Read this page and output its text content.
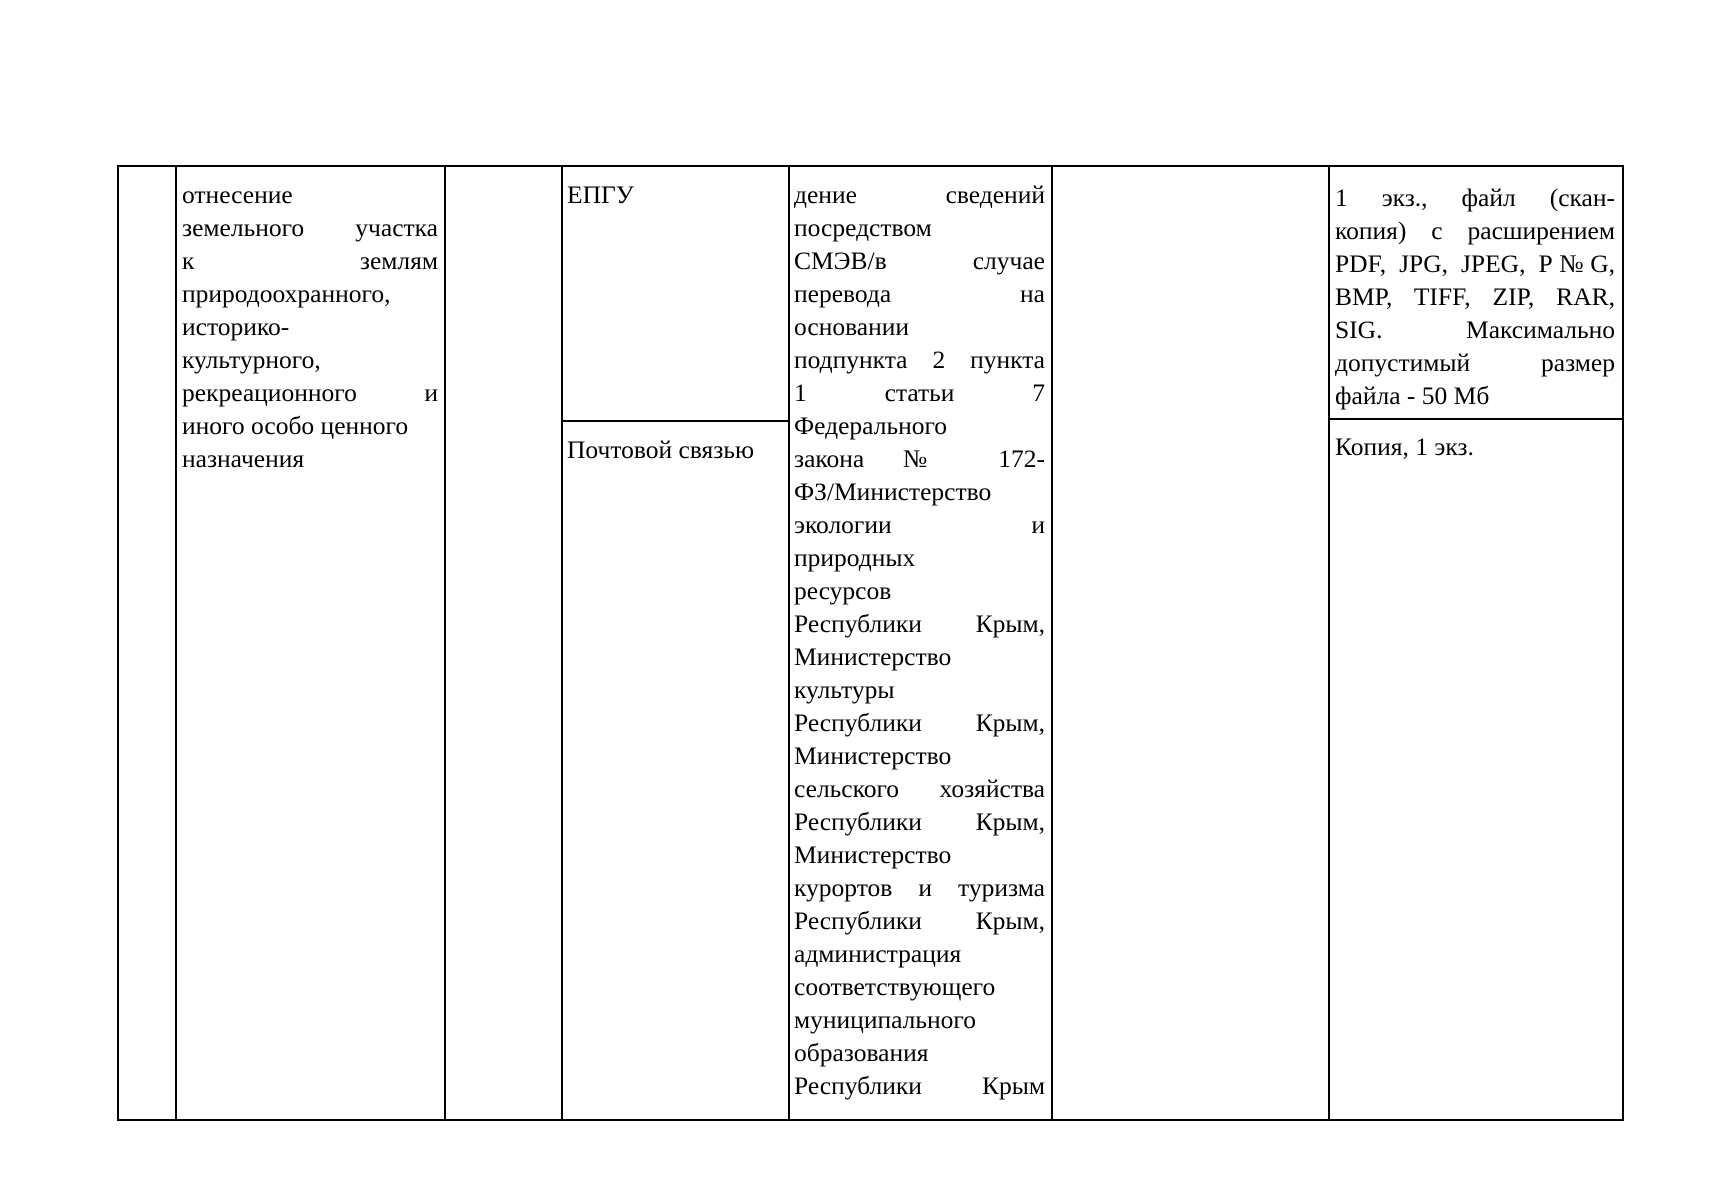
отнесение
земельного участка
к землям
природоохранного,
историко-
культурного,
рекреационного и
иного особо ценного
назначения
ЕПГУ
Почтовой связью
дение сведений
посредством
СМЭВ/в случае
перевода на
основании
подпункта 2 пункта
1 статьи 7
Федерального
закона № 172-
ФЗ/Министерство
экологии и
природных
ресурсов
Республики Крым,
Министерство
культуры
Республики Крым,
Министерство
сельского хозяйства
Республики Крым,
Министерство
курортов и туризма
Республики Крым,
администрация
соответствующего
муниципального
образования
Республики Крым
1 экз., файл (скан-
копия) с расширением
PDF, JPG, JPEG, P№G,
BMP, TIFF, ZIP, RAR,
SIG. Максимально
допустимый размер
файла - 50 Мб
Копия, 1 экз.
